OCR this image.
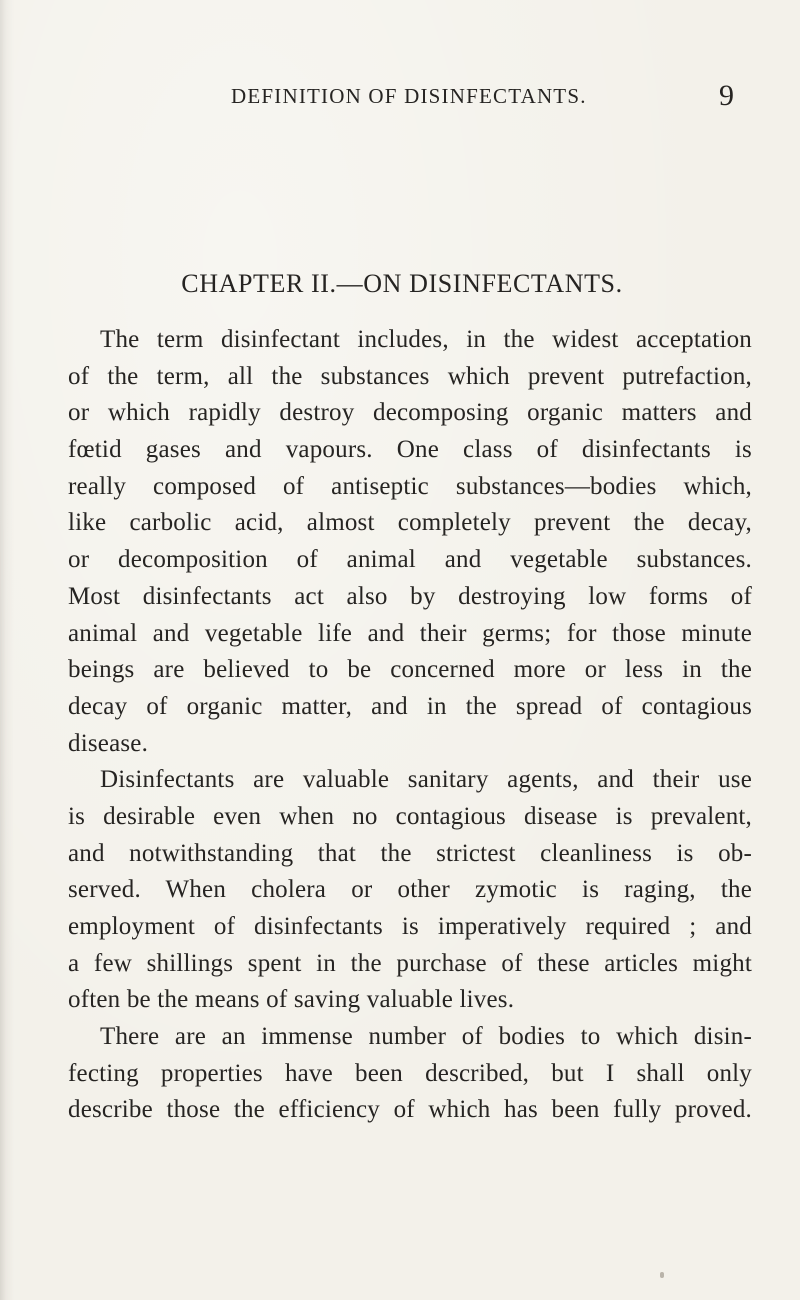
DEFINITION OF DISINFECTANTS.	9
CHAPTER II.—ON DISINFECTANTS.
The term disinfectant includes, in the widest acceptation
of the term, all the substances which prevent putrefaction,
or which rapidly destroy decomposing organic matters and
fœtid gases and vapours. One class of disinfectants is
really composed of antiseptic substances—bodies which,
like carbolic acid, almost completely prevent the decay,
or decomposition of animal and vegetable substances.
Most disinfectants act also by destroying low forms of
animal and vegetable life and their germs; for those minute
beings are believed to be concerned more or less in the
decay of organic matter, and in the spread of contagious
disease.
Disinfectants are valuable sanitary agents, and their use
is desirable even when no contagious disease is prevalent,
and notwithstanding that the strictest cleanliness is ob-
served. When cholera or other zymotic is raging, the
employment of disinfectants is imperatively required ; and
a few shillings spent in the purchase of these articles might
often be the means of saving valuable lives.
There are an immense number of bodies to which disin-
fecting properties have been described, but I shall only
describe those the efficiency of which has been fully proved.
